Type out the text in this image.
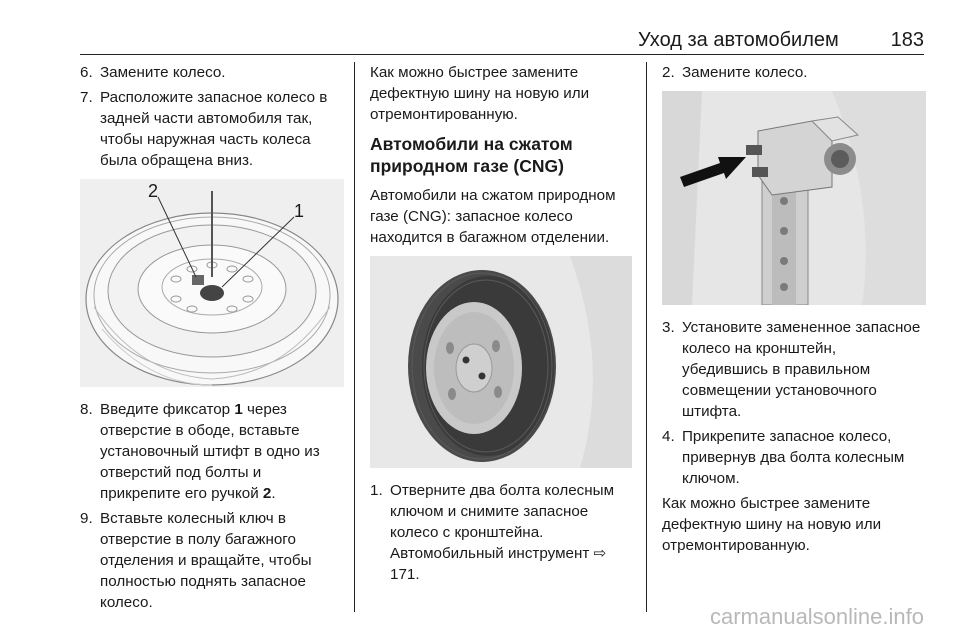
Уход за автомобилем	183
6. Замените колесо.
7. Расположите запасное колесо в задней части автомобиля так, чтобы наружная часть колеса была обращена вниз.
2
1
8. Введите фиксатор 1 через отверстие в ободе, вставьте установочный штифт в одно из отверстий под болты и прикрепите его ручкой 2.
9. Вставьте колесный ключ в отверстие в полу багажного отделения и вращайте, чтобы полностью поднять запасное колесо.

Как можно быстрее замените дефектную шину на новую или отремонтированную.

Автомобили на сжатом природном газе (CNG)

Автомобили на сжатом природном газе (CNG): запасное колесо находится в багажном отделении.

1. Отверните два болта колесным ключом и снимите запасное колесо с кронштейна. Автомобильный инструмент ⇨ 171.
2. Замените колесо.
3. Установите замененное запасное колесо на кронштейн, убедившись в правильном совмещении установочного штифта.
4. Прикрепите запасное колесо, привернув два болта колесным ключом.

Как можно быстрее замените дефектную шину на новую или отремонтированную.

carmanualsonline.info
